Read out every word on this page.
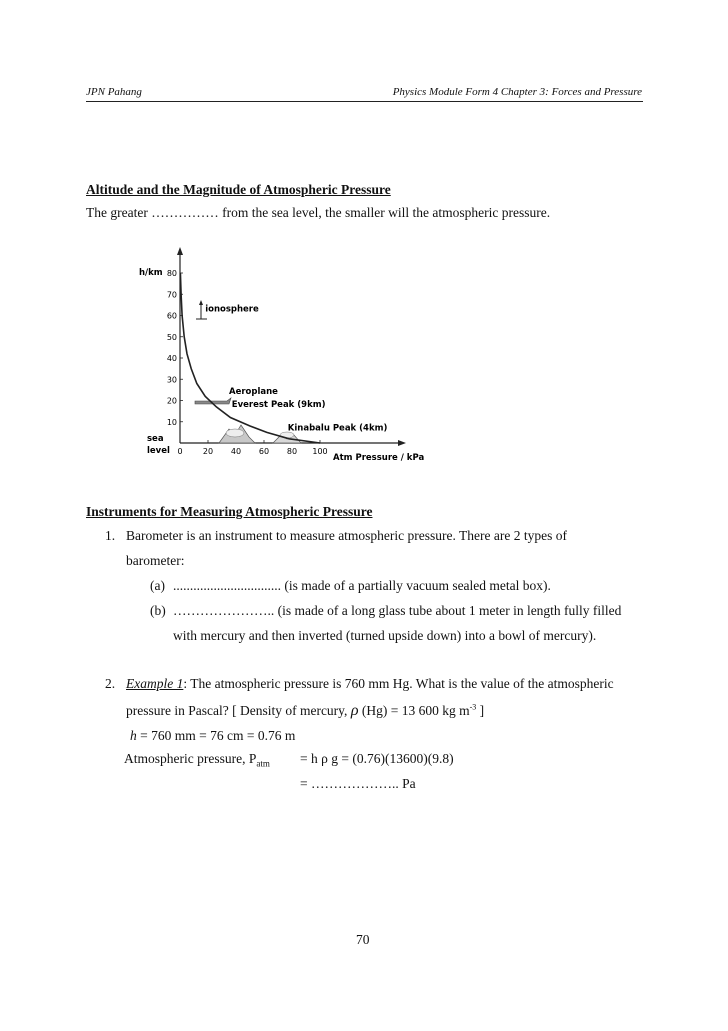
JPN Pahang	Physics Module Form 4 Chapter 3: Forces and Pressure
Altitude and the Magnitude of Atmospheric Pressure
The greater …………… from the sea level, the smaller will the atmospheric pressure.
0	20 40 60 80 100
10
20
30
40
50
60
70
80
h/km
sea
level
Atm Pressure / kPa
ionosphere
Aeroplane
Everest Peak (9km)
Kinabalu Peak (4km)
Instruments for Measuring Atmospheric Pressure
1. Barometer is an instrument to measure atmospheric pressure. There are 2 types of
barometer:
(a) ................................ (is made of a partially vacuum sealed metal box).
(b) ………………….. (is made of a long glass tube about 1 meter in length fully filled
with mercury and then inverted (turned upside down) into a bowl of mercury).
2. Example 1: The atmospheric pressure is 760 mm Hg. What is the value of the atmospheric
pressure in Pascal? [ Density of mercury, ρ (Hg) = 13 600 kg $m^{-3}$ ]
h = 760 mm = 76 cm = 0.76 m
Atmospheric pressure, $P_{atm} = h$ ρ g = (0.76)(13600)(9.8)
= ……………….. Pa
70
